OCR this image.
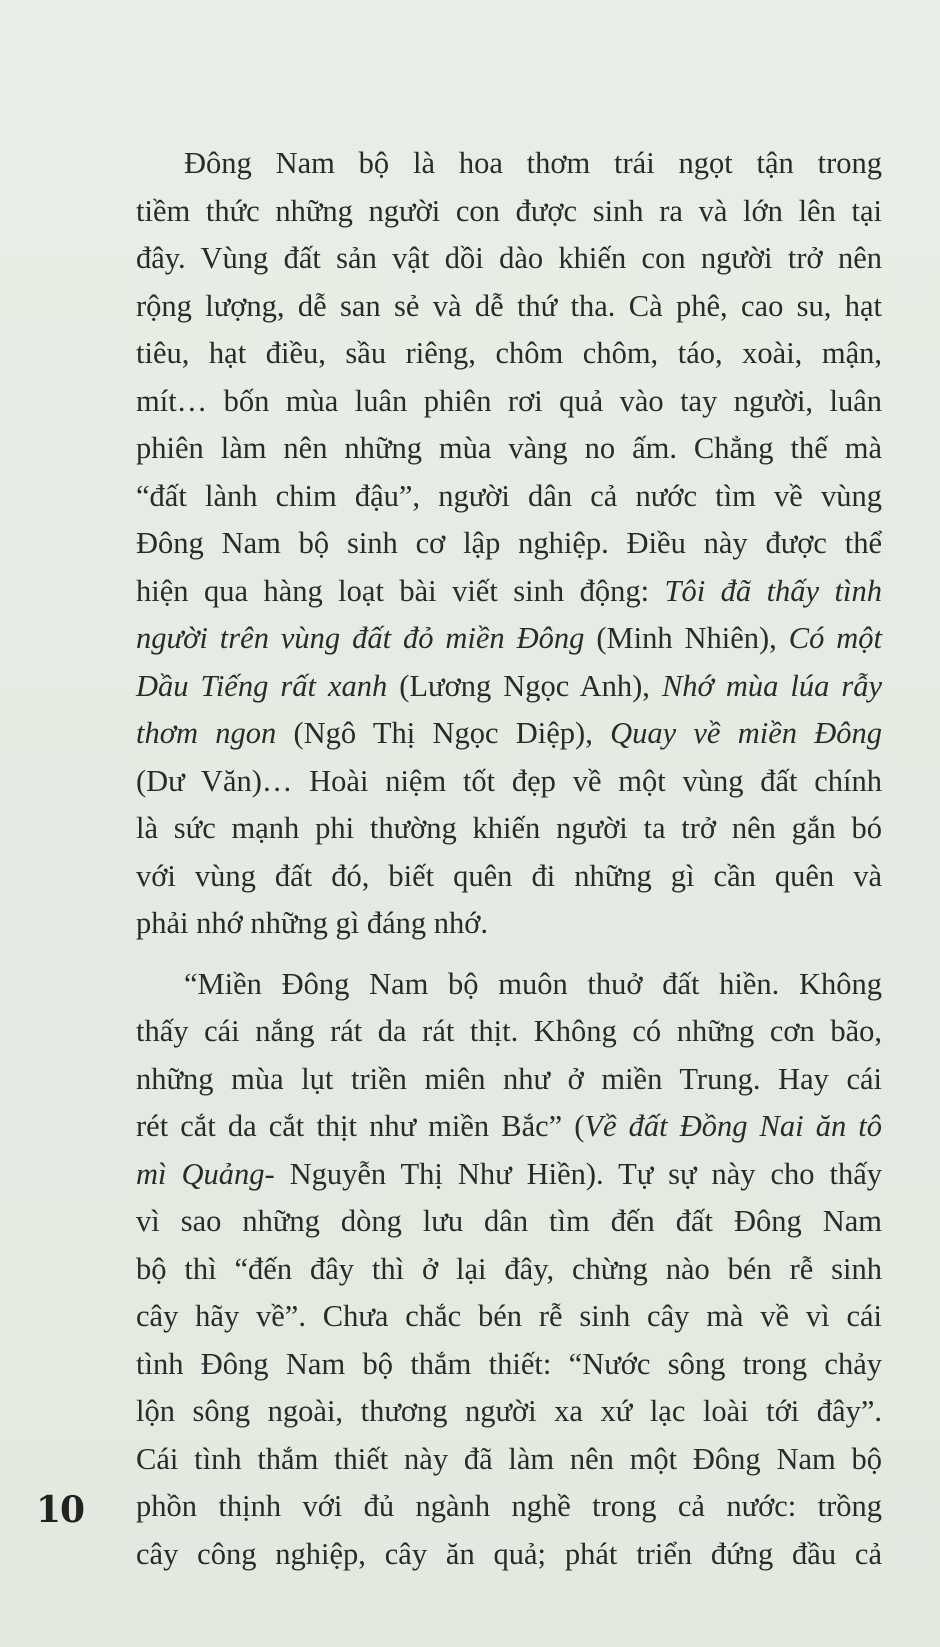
Đông Nam bộ là hoa thơm trái ngọt tận trong
tiềm thức những người con được sinh ra và lớn lên tại
đây. Vùng đất sản vật dồi dào khiến con người trở nên
rộng lượng, dễ san sẻ và dễ thứ tha. Cà phê, cao su, hạt
tiêu, hạt điều, sầu riêng, chôm chôm, táo, xoài, mận,
mít… bốn mùa luân phiên rơi quả vào tay người, luân
phiên làm nên những mùa vàng no ấm. Chẳng thế mà
“đất lành chim đậu”, người dân cả nước tìm về vùng
Đông Nam bộ sinh cơ lập nghiệp. Điều này được thể
hiện qua hàng loạt bài viết sinh động: Tôi đã thấy tình
người trên vùng đất đỏ miền Đông (Minh Nhiên), Có một
Dầu Tiếng rất xanh (Lương Ngọc Anh), Nhớ mùa lúa rẫy
thơm ngon (Ngô Thị Ngọc Diệp), Quay về miền Đông
(Dư Văn)… Hoài niệm tốt đẹp về một vùng đất chính
là sức mạnh phi thường khiến người ta trở nên gắn bó
với vùng đất đó, biết quên đi những gì cần quên và
phải nhớ những gì đáng nhớ.
“Miền Đông Nam bộ muôn thuở đất hiền. Không
thấy cái nắng rát da rát thịt. Không có những cơn bão,
những mùa lụt triền miên như ở miền Trung. Hay cái
rét cắt da cắt thịt như miền Bắc” (Về đất Đồng Nai ăn tô
mì Quảng- Nguyễn Thị Như Hiền). Tự sự này cho thấy
vì sao những dòng lưu dân tìm đến đất Đông Nam
bộ thì “đến đây thì ở lại đây, chừng nào bén rễ sinh
cây hãy về”. Chưa chắc bén rễ sinh cây mà về vì cái
tình Đông Nam bộ thắm thiết: “Nước sông trong chảy
lộn sông ngoài, thương người xa xứ lạc loài tới đây”.
Cái tình thắm thiết này đã làm nên một Đông Nam bộ
phồn thịnh với đủ ngành nghề trong cả nước: trồng
cây công nghiệp, cây ăn quả; phát triển đứng đầu cả
10
